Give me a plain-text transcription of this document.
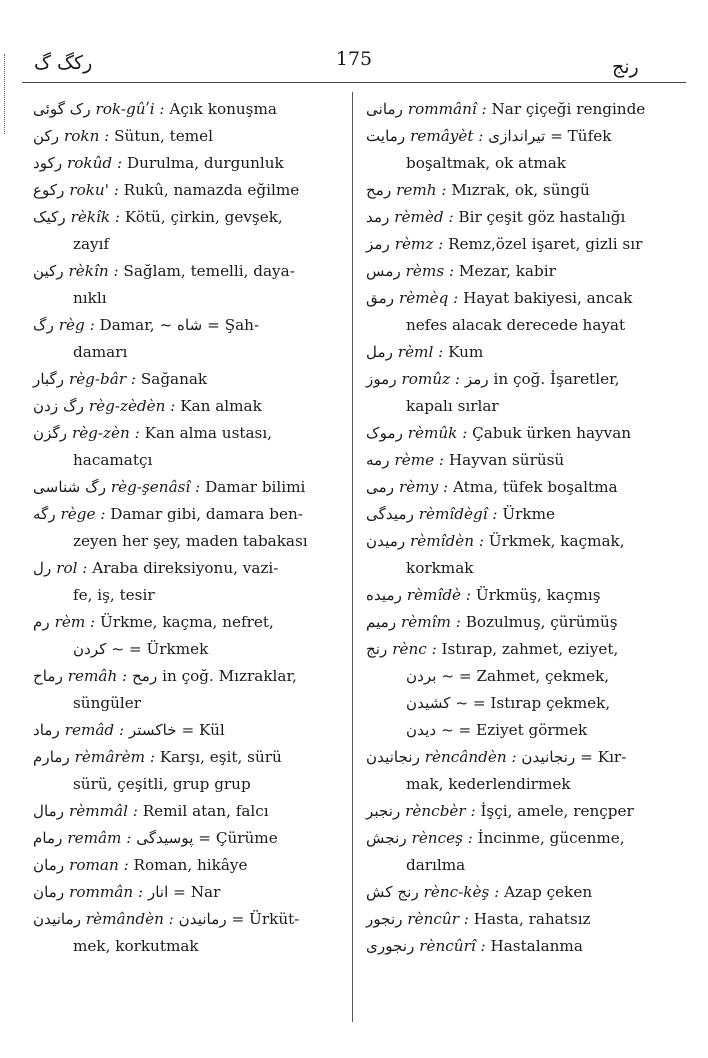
رکگ گ	175	رنج

رک گوئی rok-gûʹi : Açık konuşma

رکن rokn : Sütun, temel

رکود rokûd : Durulma, durgunluk

رکوع roku' : Rukû, namazda eğilme

رکیک rèkîk : Kötü, çirkin, gevşek,

zayıf

رکین rèkîn : Sağlam, temelli, daya-

nıklı

رگ règ : Damar, ~ شاه = Şah-

damarı

رگبار règ-bâr : Sağanak

رگ زدن règ-zèdèn : Kan almak

رگزن règ-zèn : Kan alma ustası,

hacamatçı

رگ شناسی règ-şenâsî : Damar bilimi

رگه rège : Damar gibi, damara ben-

zeyen her şey, maden tabakası

رل rol : Araba direksiyonu, vazi-

fe, iş, tesir

رم rèm : Ürkme, kaçma, nefret,

کردن ~ = Ürkmek

رماح remâh : رمح in çoğ. Mızraklar,

süngüler

رماد remâd : خاکستر = Kül

رمارم rèmârèm : Karşı, eşit, sürü

sürü, çeşitli, grup grup

رمال rèmmâl : Remil atan, falcı

رمام remâm : پوسیدگی = Çürüme

رمان roman : Roman, hikâye

رمان rommân : انار = Nar

رمانیدن rèmândèn : رمانیدن = Ürküt-

mek, korkutmak

رمانی rommânî : Nar çiçeği renginde

رمایت remâyèt : تیراندازی = Tüfek

boşaltmak, ok atmak

رمح remh : Mızrak, ok, süngü

رمد rèmèd : Bir çeşit göz hastalığı

رمز rèmz : Remz,özel işaret, gizli sır

رمس rèms : Mezar, kabir

رمق rèmèq : Hayat bakiyesi, ancak

nefes alacak derecede hayat

رمل rèml : Kum

رموز romûz : رمز in çoğ. İşaretler,

kapalı sırlar

رموک rèmûk : Çabuk ürken hayvan

رمه rème : Hayvan sürüsü

رمی rèmy : Atma, tüfek boşaltma

رمیدگی rèmîdègî : Ürkme

رمیدن rèmîdèn : Ürkmek, kaçmak,

korkmak

رمیده rèmîdè : Ürkmüş, kaçmış

رمیم rèmîm : Bozulmuş, çürümüş

رنج rènc : Istırap, zahmet, eziyet,

بردن ~ = Zahmet, çekmek,

کشیدن ~ = Istırap çekmek,

دیدن ~ = Eziyet görmek

رنجانیدن rèncândèn : رنجانیدن = Kır-

mak, kederlendirmek

رنجبر rèncbèr : İşçi, amele, rençper

رنجش rènceş : İncinme, gücenme,

darılma

رنج کش rènc-kèş : Azap çeken

رنجور rèncûr : Hasta, rahatsız

رنجوری rèncûrî : Hastalanma
